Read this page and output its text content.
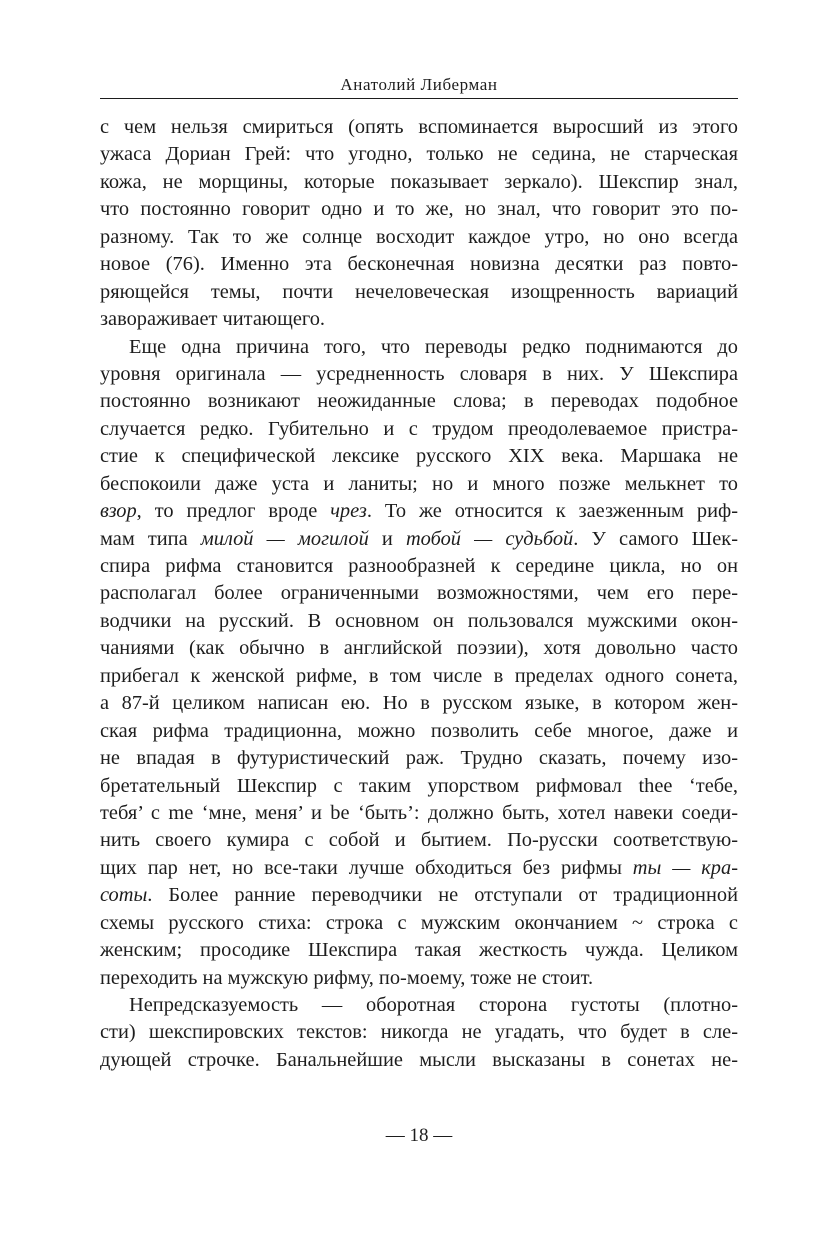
Анатолий Либерман
с чем нельзя смириться (опять вспоминается выросший из этого
ужаса Дориан Грей: что угодно, только не седина, не старческая
кожа, не морщины, которые показывает зеркало). Шекспир знал,
что постоянно говорит одно и то же, но знал, что говорит это по-
разному. Так то же солнце восходит каждое утро, но оно всегда
новое (76). Именно эта бесконечная новизна десятки раз повто-
ряющейся темы, почти нечеловеческая изощренность вариаций
завораживает читающего.
Еще одна причина того, что переводы редко поднимаются до
уровня оригинала — усредненность словаря в них. У Шекспира
постоянно возникают неожиданные слова; в переводах подобное
случается редко. Губительно и с трудом преодолеваемое пристра-
стие к специфической лексике русского XIX века. Маршака не
беспокоили даже уста и ланиты; но и много позже мелькнет то
взор, то предлог вроде чрез. То же относится к заезженным риф-
мам типа милой — могилой и тобой — судьбой. У самого Шек-
спира рифма становится разнообразней к середине цикла, но он
располагал более ограниченными возможностями, чем его пере-
водчики на русский. В основном он пользовался мужскими окон-
чаниями (как обычно в английской поэзии), хотя довольно часто
прибегал к женской рифме, в том числе в пределах одного сонета,
а 87-й целиком написан ею. Но в русском языке, в котором жен-
ская рифма традиционна, можно позволить себе многое, даже и
не впадая в футуристический раж. Трудно сказать, почему изо-
бретательный Шекспир с таким упорством рифмовал thee ‘тебе,
тебя’ с me ‘мне, меня’ и be ‘быть’: должно быть, хотел навеки соеди-
нить своего кумира с собой и бытием. По-русски соответствую-
щих пар нет, но все-таки лучше обходиться без рифмы ты — кра-
соты. Более ранние переводчики не отступали от традиционной
схемы русского стиха: строка с мужским окончанием ~ строка с
женским; просодике Шекспира такая жесткость чужда. Целиком
переходить на мужскую рифму, по-моему, тоже не стоит.
Непредсказуемость — оборотная сторона густоты (плотно-
сти) шекспировских текстов: никогда не угадать, что будет в сле-
дующей строчке. Банальнейшие мысли высказаны в сонетах не-
— 18 —
